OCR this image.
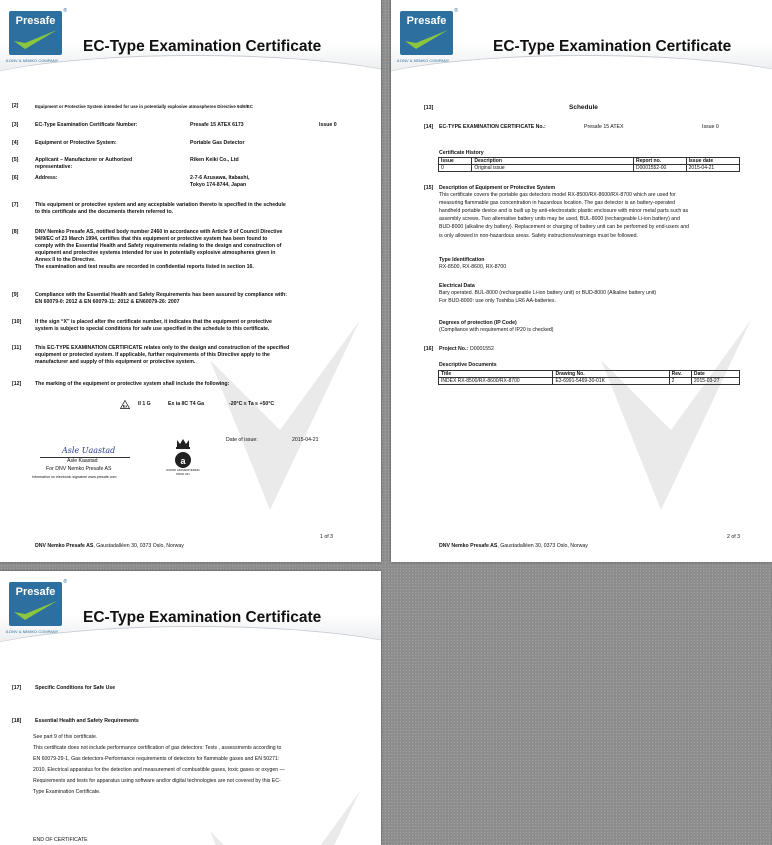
Presafe
®
A DNV & NEMKO COMPANY
EC-Type Examination Certificate
[2]	Equipment or Protective System intended for use in potentially explosive atmospheres Directive 94/9/EC
[3]	EC-Type Examination Certificate Number:	Presafe 15 ATEX 6173	Issue 0
[4]	Equipment or Protective System:	Portable Gas Detector
[5]	Applicant – Manufacturer or Authorized representative:
Riken Keiki Co., Ltd
[6]	Address:	2-7-6 Azusawa, Itabashi,
Tokyo 174-8744, Japan
[7]	This equipment or protective system and any acceptable variation thereto is specified in the schedule
to this certificate and the documents therein referred to.
[8]	DNV Nemko Presafe AS, notified body number 2460 in accordance with Article 9 of Council Directive
94/9/EC of 23 March 1994, certifies that this equipment or protective system has been found to
comply with the Essential Health and Safety requirements relating to the design and construction of
equipment and protective systems intended for use in potentially explosive atmospheres given in
Annex II to the Directive.
The examination and test results are recorded in confidential reports listed in section 16.
[9]	Compliance with the Essential Health and Safety Requirements has been assured by compliance with:
EN 60079-0: 2012 & EN 60079-11: 2012 & EN60079-26: 2007
[10]	If the sign “X” is placed after the certificate number, it indicates that the equipment or protective
system is subject to special conditions for safe use specified in the schedule to this certificate.
[11]	This EC-TYPE EXAMINATION CERTIFICATE relates only to the design and construction of the specified
equipment or protected system. If applicable, further requirements of this Directive apply to the
manufacturer and supply of this equipment or protective system.
[12]	The marking of the equipment or protective system shall include the following:
Ex II 1 G	Ex ia IIC T4 Ga	-20°C ≤ Ta ≤ +50°C
Date of issue:	2015-04-21
Asle Uaastad
Asle Kaastad
For DNV Nemko Presafe AS
Information on electronic signature www.presafe.com
a
NORSK AKKREDITERING PROD 021
1 of 3
DNV Nemko Presafe AS, Gaustadalléen 30, 0373 Oslo, Norway
Presafe
®
A DNV & NEMKO COMPANY
EC-Type Examination Certificate
[13]	Schedule
[14] EC-TYPE EXAMINATION CERTIFICATE No.:	Presafe 15 ATEX	Issue 0
Certificate History
Issue	Description	Report no.	Issue date
0	Original issue	D0001552-00	2015-04-21
[15] Description of Equipment or Protective System
This certificate covers the portable gas detectors model RX-8500/RX-8600/RX-8700 which are used for
measuring flammable gas concentration in hazardous location. The gas detector is an battery-operated
handheld portable device and is built up by anti-electrostatic plastic enclosure with minor metal parts such as
assembly screws. Two alternative battery units may be used, BUL-8000 (rechargeable Li-ion battery) and
BUD-8000 (alkaline dry battery). Replacement or charging of battery unit can be performed by end-users and
is only allowed in non-hazardous areas. Safety instructions/warnings must be followed.
Type Identification
RX-8500, RX-8600, RX-8700
Electrical Data
Bary operated. BUL-8000 (rechargeable Li-ion battery unit) or BUD-8000 (Alkaline battery unit)
For BUD-8000: use only Toshiba LR6 AA-batteries.
Degrees of protection (IP Code)
(Compliance with requirement of IP20 is checked)
[16] Project No.: D0001552
Descriptive Documents
Title	Drawing No.	Rev.	Date
INDEX RX-8500/RX-8600/RX-8700	E3-6991-5469-30-01K	2	2015-03-27
2 of 3
DNV Nemko Presafe AS, Gaustadalléen 30, 0373 Oslo, Norway
Presafe
®
A DNV & NEMKO COMPANY
EC-Type Examination Certificate
[17]	Specific Conditions for Safe Use
[18]	Essential Health and Safety Requirements
See part 9 of this certificate.
This certificate does not include performance certification of gas detectors: Tests , assessments according to
EN 60079-29-1, Gas detectors-Performance requirements of detectors for flammable gases and EN 50271:
2010, Electrical apparatus for the detection and measurement of combustible gases, toxic gases or oxygen —
Requirements and tests for apparatus using software and/or digital technologies are not covered by this EC-
Type Examination Certificate.
END OF CERTIFICATE
